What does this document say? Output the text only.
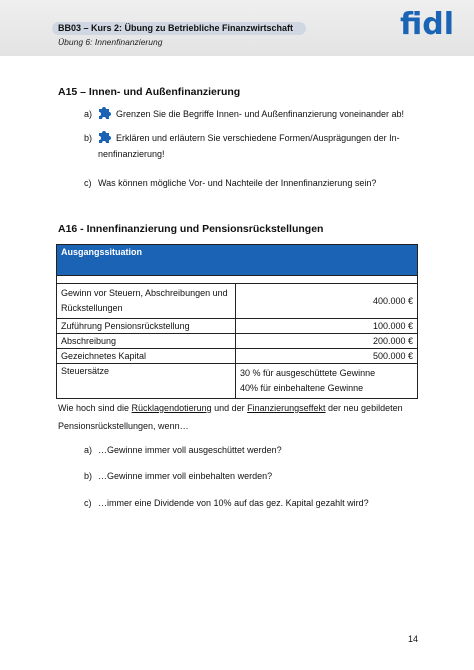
BB03 – Kurs 2: Übung zu Betriebliche Finanzwirtschaft
Übung 6: Innenfinanzierung	fidl
A15 – Innen- und Außenfinanzierung
a)	Grenzen Sie die Begriffe Innen- und Außenfinanzierung voneinander ab!
b)	Erklären und erläutern Sie verschiedene Formen/Ausprägungen der In-
nenfinanzierung!
c) Was können mögliche Vor- und Nachteile der Innenfinanzierung sein?
A16 - Innenfinanzierung und Pensionsrückstellungen
Ausgangssituation	

Gewinn vor Steuern, Abschreibungen und Rückstellungen	400.000 €
Zuführung Pensionsrückstellung	100.000 €
Abschreibung	200.000 €
Gezeichnetes Kapital	500.000 €
Steuersätze	30 % für ausgeschüttete Gewinne
40% für einbehaltene Gewinne
Wie hoch sind die Rücklagendotierung und der Finanzierungseffekt der neu gebildeten Pensionsrückstellungen, wenn…
a) …Gewinne immer voll ausgeschüttet werden?
b) …Gewinne immer voll einbehalten werden?
c) …immer eine Dividende von 10% auf das gez. Kapital gezahlt wird?
14
